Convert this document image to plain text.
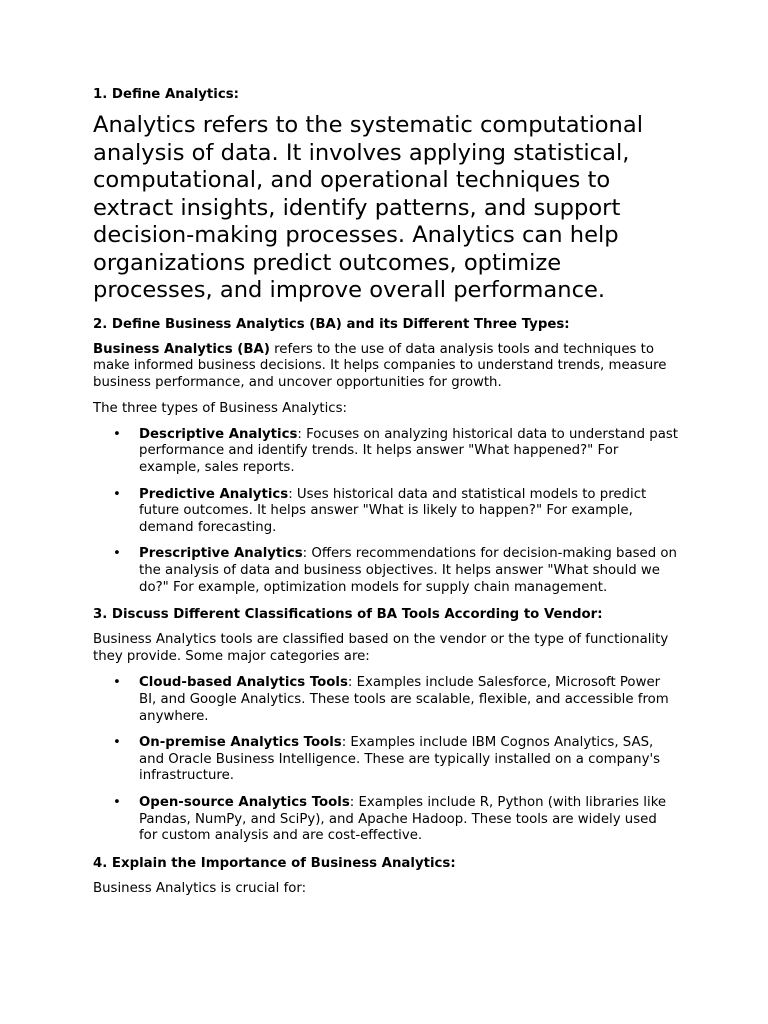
1. Define Analytics:
Analytics refers to the systematic computational
analysis of data. It involves applying statistical,
computational, and operational techniques to
extract insights, identify patterns, and support
decision-making processes. Analytics can help
organizations predict outcomes, optimize
processes, and improve overall performance.
2. Define Business Analytics (BA) and its Different Three Types:
Business Analytics (BA) refers to the use of data analysis tools and techniques to make informed business decisions. It helps companies to understand trends, measure business performance, and uncover opportunities for growth.
The three types of Business Analytics:
• Descriptive Analytics: Focuses on analyzing historical data to understand past performance and identify trends. It helps answer "What happened?" For example, sales reports.
• Predictive Analytics: Uses historical data and statistical models to predict future outcomes. It helps answer "What is likely to happen?" For example, demand forecasting.
• Prescriptive Analytics: Offers recommendations for decision-making based on the analysis of data and business objectives. It helps answer "What should we do?" For example, optimization models for supply chain management.
3. Discuss Different Classifications of BA Tools According to Vendor:
Business Analytics tools are classified based on the vendor or the type of functionality they provide. Some major categories are:
• Cloud-based Analytics Tools: Examples include Salesforce, Microsoft Power BI, and Google Analytics. These tools are scalable, flexible, and accessible from anywhere.
• On-premise Analytics Tools: Examples include IBM Cognos Analytics, SAS, and Oracle Business Intelligence. These are typically installed on a company's infrastructure.
• Open-source Analytics Tools: Examples include R, Python (with libraries like Pandas, NumPy, and SciPy), and Apache Hadoop. These tools are widely used for custom analysis and are cost-effective.
4. Explain the Importance of Business Analytics:
Business Analytics is crucial for:
